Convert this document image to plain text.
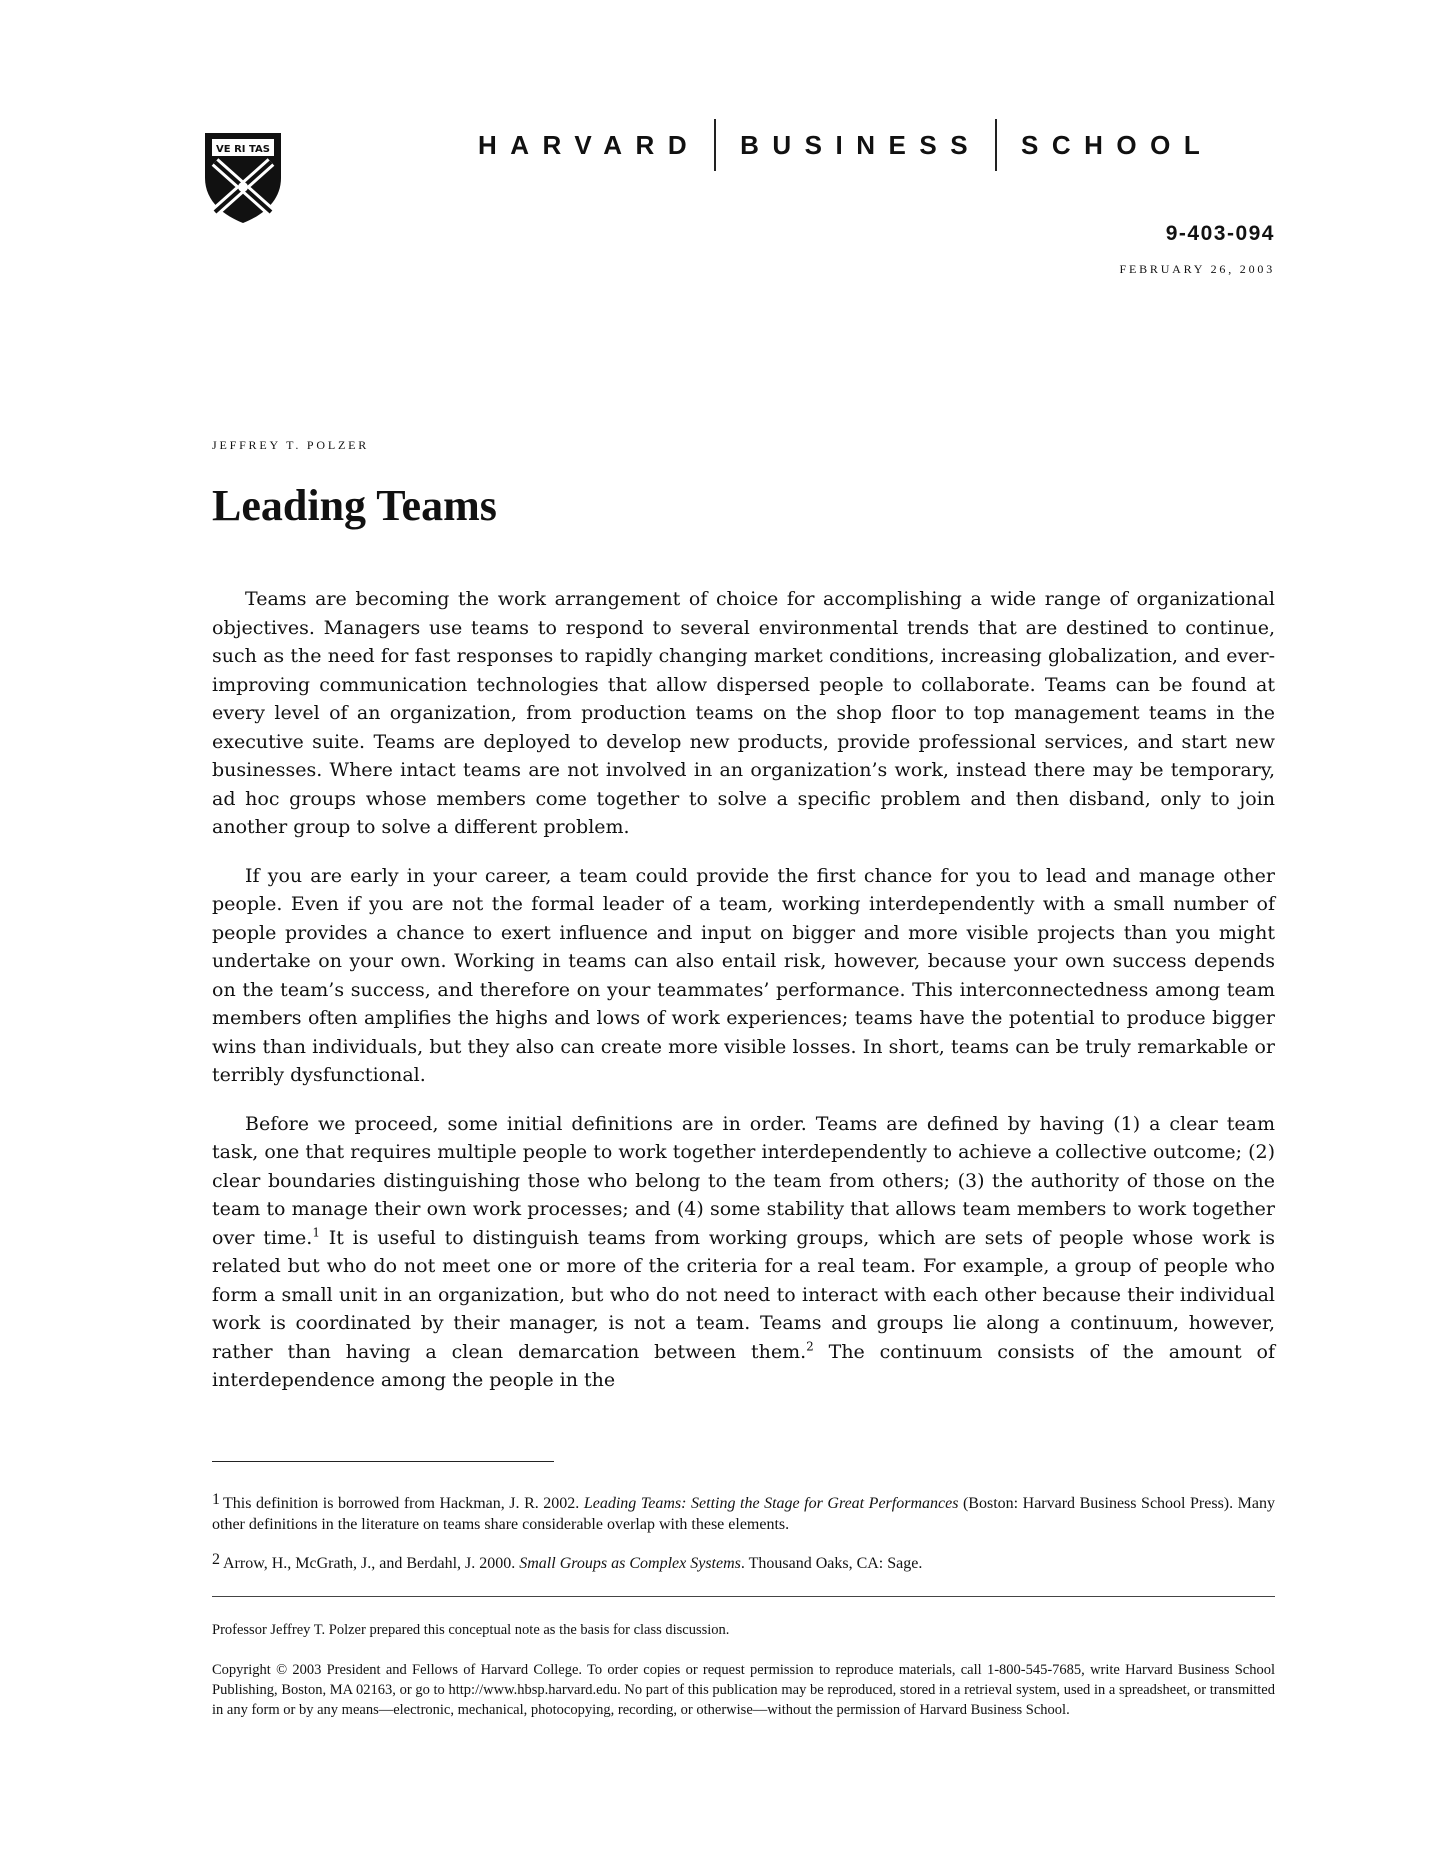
VE RI TAS	HARVARD BUSINESS SCHOOL
9-403-094
FEBRUARY 26, 2003
JEFFREY T. POLZER
Leading Teams

Teams are becoming the work arrangement of choice for accomplishing a wide range of organizational objectives. Managers use teams to respond to several environmental trends that are destined to continue, such as the need for fast responses to rapidly changing market conditions, increasing globalization, and ever-improving communication technologies that allow dispersed people to collaborate. Teams can be found at every level of an organization, from production teams on the shop floor to top management teams in the executive suite. Teams are deployed to develop new products, provide professional services, and start new businesses. Where intact teams are not involved in an organization’s work, instead there may be temporary, ad hoc groups whose members come together to solve a specific problem and then disband, only to join another group to solve a different problem.

If you are early in your career, a team could provide the first chance for you to lead and manage other people. Even if you are not the formal leader of a team, working interdependently with a small number of people provides a chance to exert influence and input on bigger and more visible projects than you might undertake on your own. Working in teams can also entail risk, however, because your own success depends on the team’s success, and therefore on your teammates’ performance. This interconnectedness among team members often amplifies the highs and lows of work experiences; teams have the potential to produce bigger wins than individuals, but they also can create more visible losses. In short, teams can be truly remarkable or terribly dysfunctional.

Before we proceed, some initial definitions are in order. Teams are defined by having (1) a clear team task, one that requires multiple people to work together interdependently to achieve a collective outcome; (2) clear boundaries distinguishing those who belong to the team from others; (3) the authority of those on the team to manage their own work processes; and (4) some stability that allows team members to work together over time.$^1$ It is useful to distinguish teams from working groups, which are sets of people whose work is related but who do not meet one or more of the criteria for a real team. For example, a group of people who form a small unit in an organization, but who do not need to interact with each other because their individual work is coordinated by their manager, is not a team. Teams and groups lie along a continuum, however, rather than having a clean demarcation between them.$^2$ The continuum consists of the amount of interdependence among the people in the

1 This definition is borrowed from Hackman, J. R. 2002. Leading Teams: Setting the Stage for Great Performances (Boston: Harvard Business School Press). Many other definitions in the literature on teams share considerable overlap with these elements.

2 Arrow, H., McGrath, J., and Berdahl, J. 2000. Small Groups as Complex Systems. Thousand Oaks, CA: Sage.

Professor Jeffrey T. Polzer prepared this conceptual note as the basis for class discussion.
Copyright © 2003 President and Fellows of Harvard College. To order copies or request permission to reproduce materials, call 1-800-545-7685, write Harvard Business School Publishing, Boston, MA 02163, or go to http://www.hbsp.harvard.edu. No part of this publication may be reproduced, stored in a retrieval system, used in a spreadsheet, or transmitted in any form or by any means—electronic, mechanical, photocopying, recording, or otherwise—without the permission of Harvard Business School.
